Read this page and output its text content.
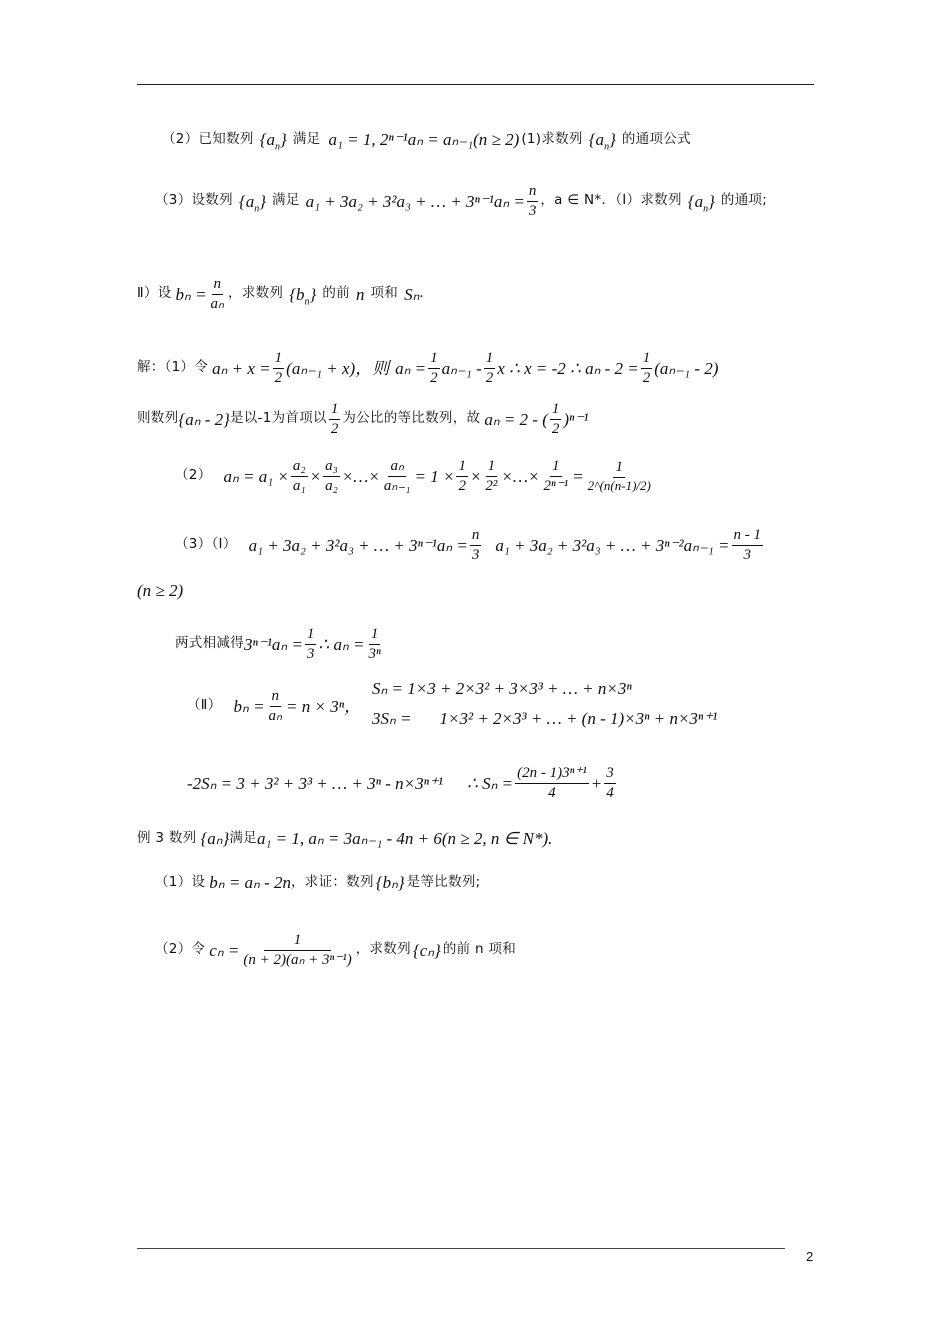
（2）已知数列 $\{a_n\}$ 满足 a₁ = 1, 2ⁿ⁻¹aₙ = aₙ₋₁(n ≥ 2) (1)求数列 $\{a_n\}$ 的通项公式
（3）设数列 $\{a_n\}$ 满足 a₁ + 3a₂ + 3²a₃ + … + $3^{n-1}a_n = \frac{n}{3}$ ，a ∈ N*．（Ⅰ）求数列 $\{a_n\}$ 的通项;
Ⅱ）设 $b_n = \frac{n}{\text{aₙ}}$ ，求数列 $\{b_n\}$ 的前 n 项和 Sₙ ．
解：（1）令 $a_n + x = \frac{1}{2} (a_{n-1} + x)$，则 $a_n = \frac{1}{2} a_{n-1} - \frac{1}{2}$ x ∴ x = -2 ∴ $a_n - 2 = \frac{1}{2} (a_{n-1} - 2)$
则数列 {aₙ - 2} 是以-1为首项以 $\frac{1}{2}$ 为公比的等比数列，故 aₙ = 2 - ( $\frac{1}{2} )^{n-1}$
（2） $a_n = a_1 \times \frac{\text{a₂}}{\text{a₁}} \times \frac{\text{a₃}}{\text{a₂}}$ ×…× $\frac{\text{aₙ}}{\text{aₙ₋₁}} = 1 \times \frac{1}{2} \times \frac{1}{\text{2²}}$ ×…× $\frac{1}{\text{2ⁿ⁻¹}} = \frac{1}{2\^{}(n(n-1)/2)}$
（3）（Ⅰ） a₁ + 3a₂ + 3²a₃ + … + $3^{n-1}a_n = \frac{n}{3} a_1 + 3a_2 + 3^2a_3$ + … + $3^{n-2}a_{n-1} = \frac{n - 1}{3}$
(n ≥ 2)
两式相减得 $3^{n-1}a_n = \frac{1}{3}$ ∴ $a_n = \frac{1}{\text{3ⁿ}}$
（Ⅱ） $b_n = \frac{n}{\text{aₙ}} = n \times 3^n$，
Sₙ = 1×3 + 2×3² + 3×3³ + … + n×3ⁿ
3Sₙ = 1×3² + 2×3³ + … + (n - 1)×3ⁿ + n×3ⁿ⁺¹
-2Sₙ = 3 + 3² + 3³ + … + 3ⁿ - n×3ⁿ⁺¹ ∴ $S_n = \frac{\text{(2n - 1)3ⁿ⁺¹}}{4} + \frac{3}{4}$
例 3 数列 {aₙ} 满足 a₁ = 1, aₙ = 3aₙ₋₁ - 4n + 6(n ≥ 2, n ∈ N*).
（1）设 bₙ = aₙ - 2n ，求证：数列 {bₙ} 是等比数列;
（2）令 $c_n = \frac{1}{\text{(n + 2)(aₙ + 3ⁿ⁻¹)}}$ ，求数列 {cₙ} 的前 n 项和
2
